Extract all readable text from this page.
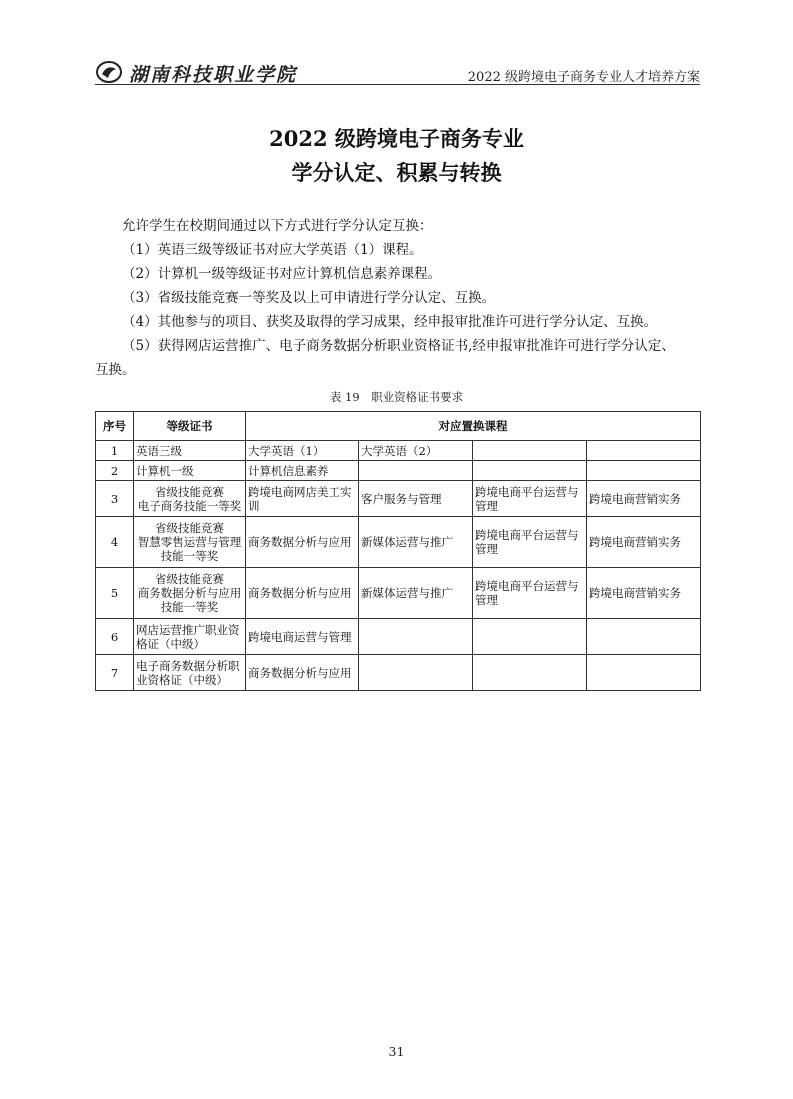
湖南科技职业学院	2022 级跨境电子商务专业人才培养方案
2022 级跨境电子商务专业
学分认定、积累与转换
允许学生在校期间通过以下方式进行学分认定互换：
（1）英语三级等级证书对应大学英语（1）课程。
（2）计算机一级等级证书对应计算机信息素养课程。
（3）省级技能竞赛一等奖及以上可申请进行学分认定、互换。
（4）其他参与的项目、获奖及取得的学习成果，经申报审批准许可进行学分认定、互换。
（5）获得网店运营推广、电子商务数据分析职业资格证书,经申报审批准许可进行学分认定、
互换。
表 19　职业资格证书要求
序号	等级证书	对应置换课程			
1	英语三级	大学英语（1）	大学英语（2）		
2	计算机一级	计算机信息素养			
3	省级技能竞赛
电子商务技能一等奖	跨境电商网店美工实训	客户服务与管理	跨境电商平台运营与管理	跨境电商营销实务
4	省级技能竞赛
智慧零售运营与管理技能一等奖	商务数据分析与应用	新媒体运营与推广	跨境电商平台运营与管理	跨境电商营销实务
5	省级技能竞赛
商务数据分析与应用技能一等奖	商务数据分析与应用	新媒体运营与推广	跨境电商平台运营与管理	跨境电商营销实务
6	网店运营推广职业资格证（中级）	跨境电商运营与管理			
7	电子商务数据分析职业资格证（中级）	商务数据分析与应用			
31
